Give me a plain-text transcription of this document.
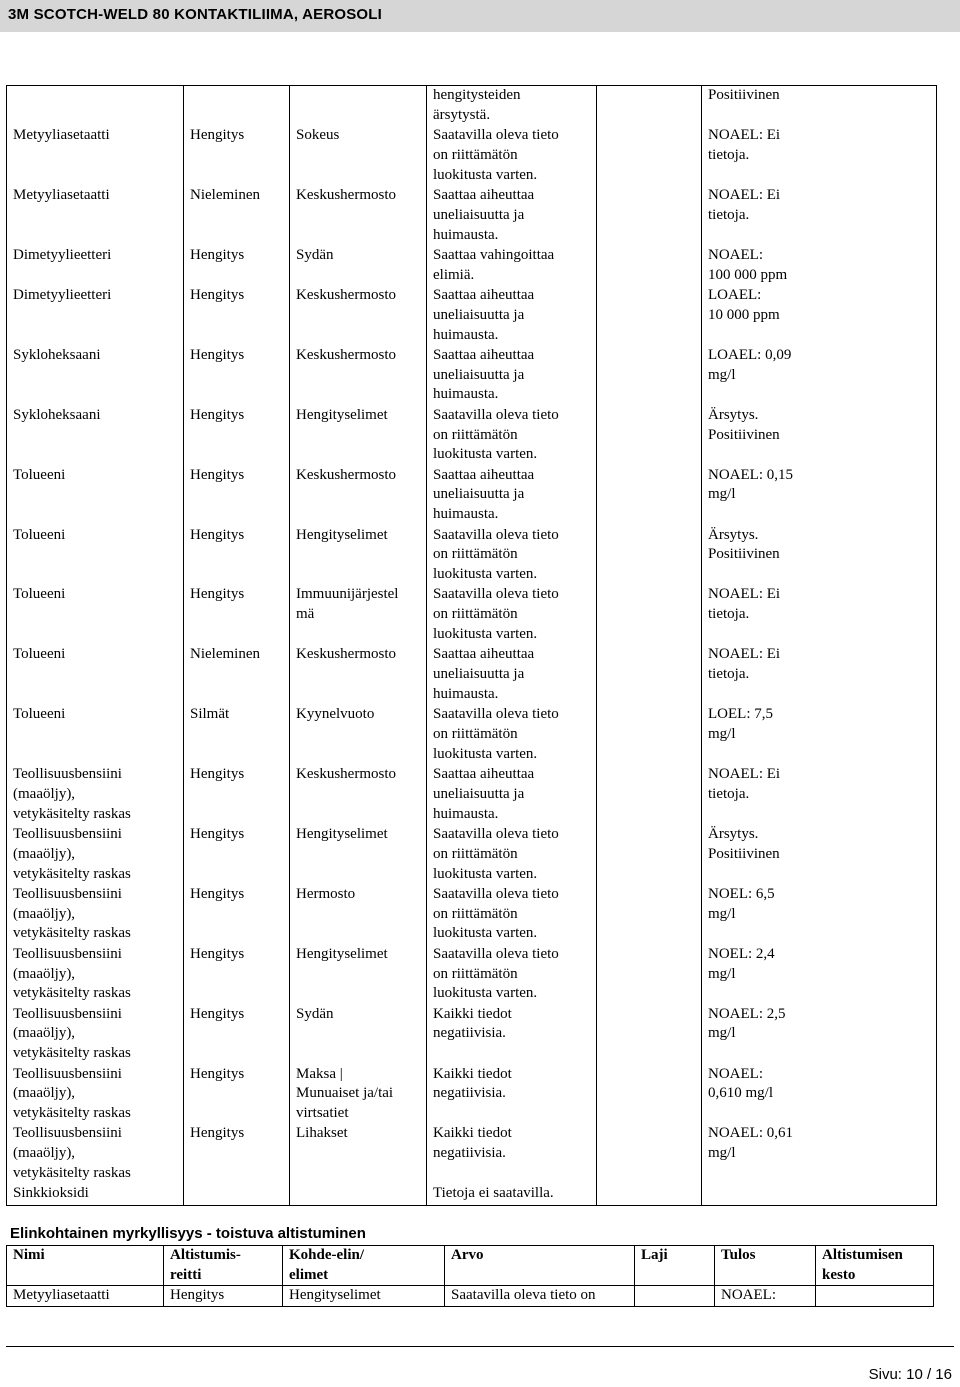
3M SCOTCH-WELD 80 KONTAKTILIIMA, AEROSOLI
			hengitysteiden
ärsytystä.		Positiivinen
Metyyliasetaatti	Hengitys	Sokeus	Saatavilla oleva tieto
on riittämätön
luokitusta varten.		NOAEL: Ei
tietoja.
Metyyliasetaatti	Nieleminen	Keskushermosto	Saattaa aiheuttaa
uneliaisuutta ja
huimausta.		NOAEL: Ei
tietoja.
Dimetyylieetteri	Hengitys	Sydän	Saattaa vahingoittaa
elimiä.		NOAEL:
100 000 ppm
Dimetyylieetteri	Hengitys	Keskushermosto	Saattaa aiheuttaa
uneliaisuutta ja
huimausta.		LOAEL:
10 000 ppm
Sykloheksaani	Hengitys	Keskushermosto	Saattaa aiheuttaa
uneliaisuutta ja
huimausta.		LOAEL: 0,09
mg/l
Sykloheksaani	Hengitys	Hengityselimet	Saatavilla oleva tieto
on riittämätön
luokitusta varten.		Ärsytys.
Positiivinen
Tolueeni	Hengitys	Keskushermosto	Saattaa aiheuttaa
uneliaisuutta ja
huimausta.		NOAEL: 0,15
mg/l
Tolueeni	Hengitys	Hengityselimet	Saatavilla oleva tieto
on riittämätön
luokitusta varten.		Ärsytys.
Positiivinen
Tolueeni	Hengitys	Immuunijärjestel
mä	Saatavilla oleva tieto
on riittämätön
luokitusta varten.		NOAEL: Ei
tietoja.
Tolueeni	Nieleminen	Keskushermosto	Saattaa aiheuttaa
uneliaisuutta ja
huimausta.		NOAEL: Ei
tietoja.
Tolueeni	Silmät	Kyynelvuoto	Saatavilla oleva tieto
on riittämätön
luokitusta varten.		LOEL: 7,5
mg/l
Teollisuusbensiini
(maaöljy),
vetykäsitelty raskas	Hengitys	Keskushermosto	Saattaa aiheuttaa
uneliaisuutta ja
huimausta.		NOAEL: Ei
tietoja.
Teollisuusbensiini
(maaöljy),
vetykäsitelty raskas	Hengitys	Hengityselimet	Saatavilla oleva tieto
on riittämätön
luokitusta varten.		Ärsytys.
Positiivinen
Teollisuusbensiini
(maaöljy),
vetykäsitelty raskas	Hengitys	Hermosto	Saatavilla oleva tieto
on riittämätön
luokitusta varten.		NOEL: 6,5
mg/l
Teollisuusbensiini
(maaöljy),
vetykäsitelty raskas	Hengitys	Hengityselimet	Saatavilla oleva tieto
on riittämätön
luokitusta varten.		NOEL: 2,4
mg/l
Teollisuusbensiini
(maaöljy),
vetykäsitelty raskas	Hengitys	Sydän	Kaikki tiedot
negatiivisia.		NOAEL: 2,5
mg/l
Teollisuusbensiini
(maaöljy),
vetykäsitelty raskas	Hengitys	Maksa |
Munuaiset ja/tai
virtsatiet	Kaikki tiedot
negatiivisia.		NOAEL:
0,610 mg/l
Teollisuusbensiini
(maaöljy),
vetykäsitelty raskas	Hengitys	Lihakset	Kaikki tiedot
negatiivisia.		NOAEL: 0,61
mg/l
Sinkkioksidi			Tietoja ei saatavilla.		
Elinkohtainen myrkyllisyys - toistuva altistuminen
Nimi	Altistumis-
reitti	Kohde-elin/
elimet	Arvo	Laji	Tulos	Altistumisen
kesto
Metyyliasetaatti	Hengitys	Hengityselimet	Saatavilla oleva tieto on		NOAEL:	
Sivu: 10 / 16
